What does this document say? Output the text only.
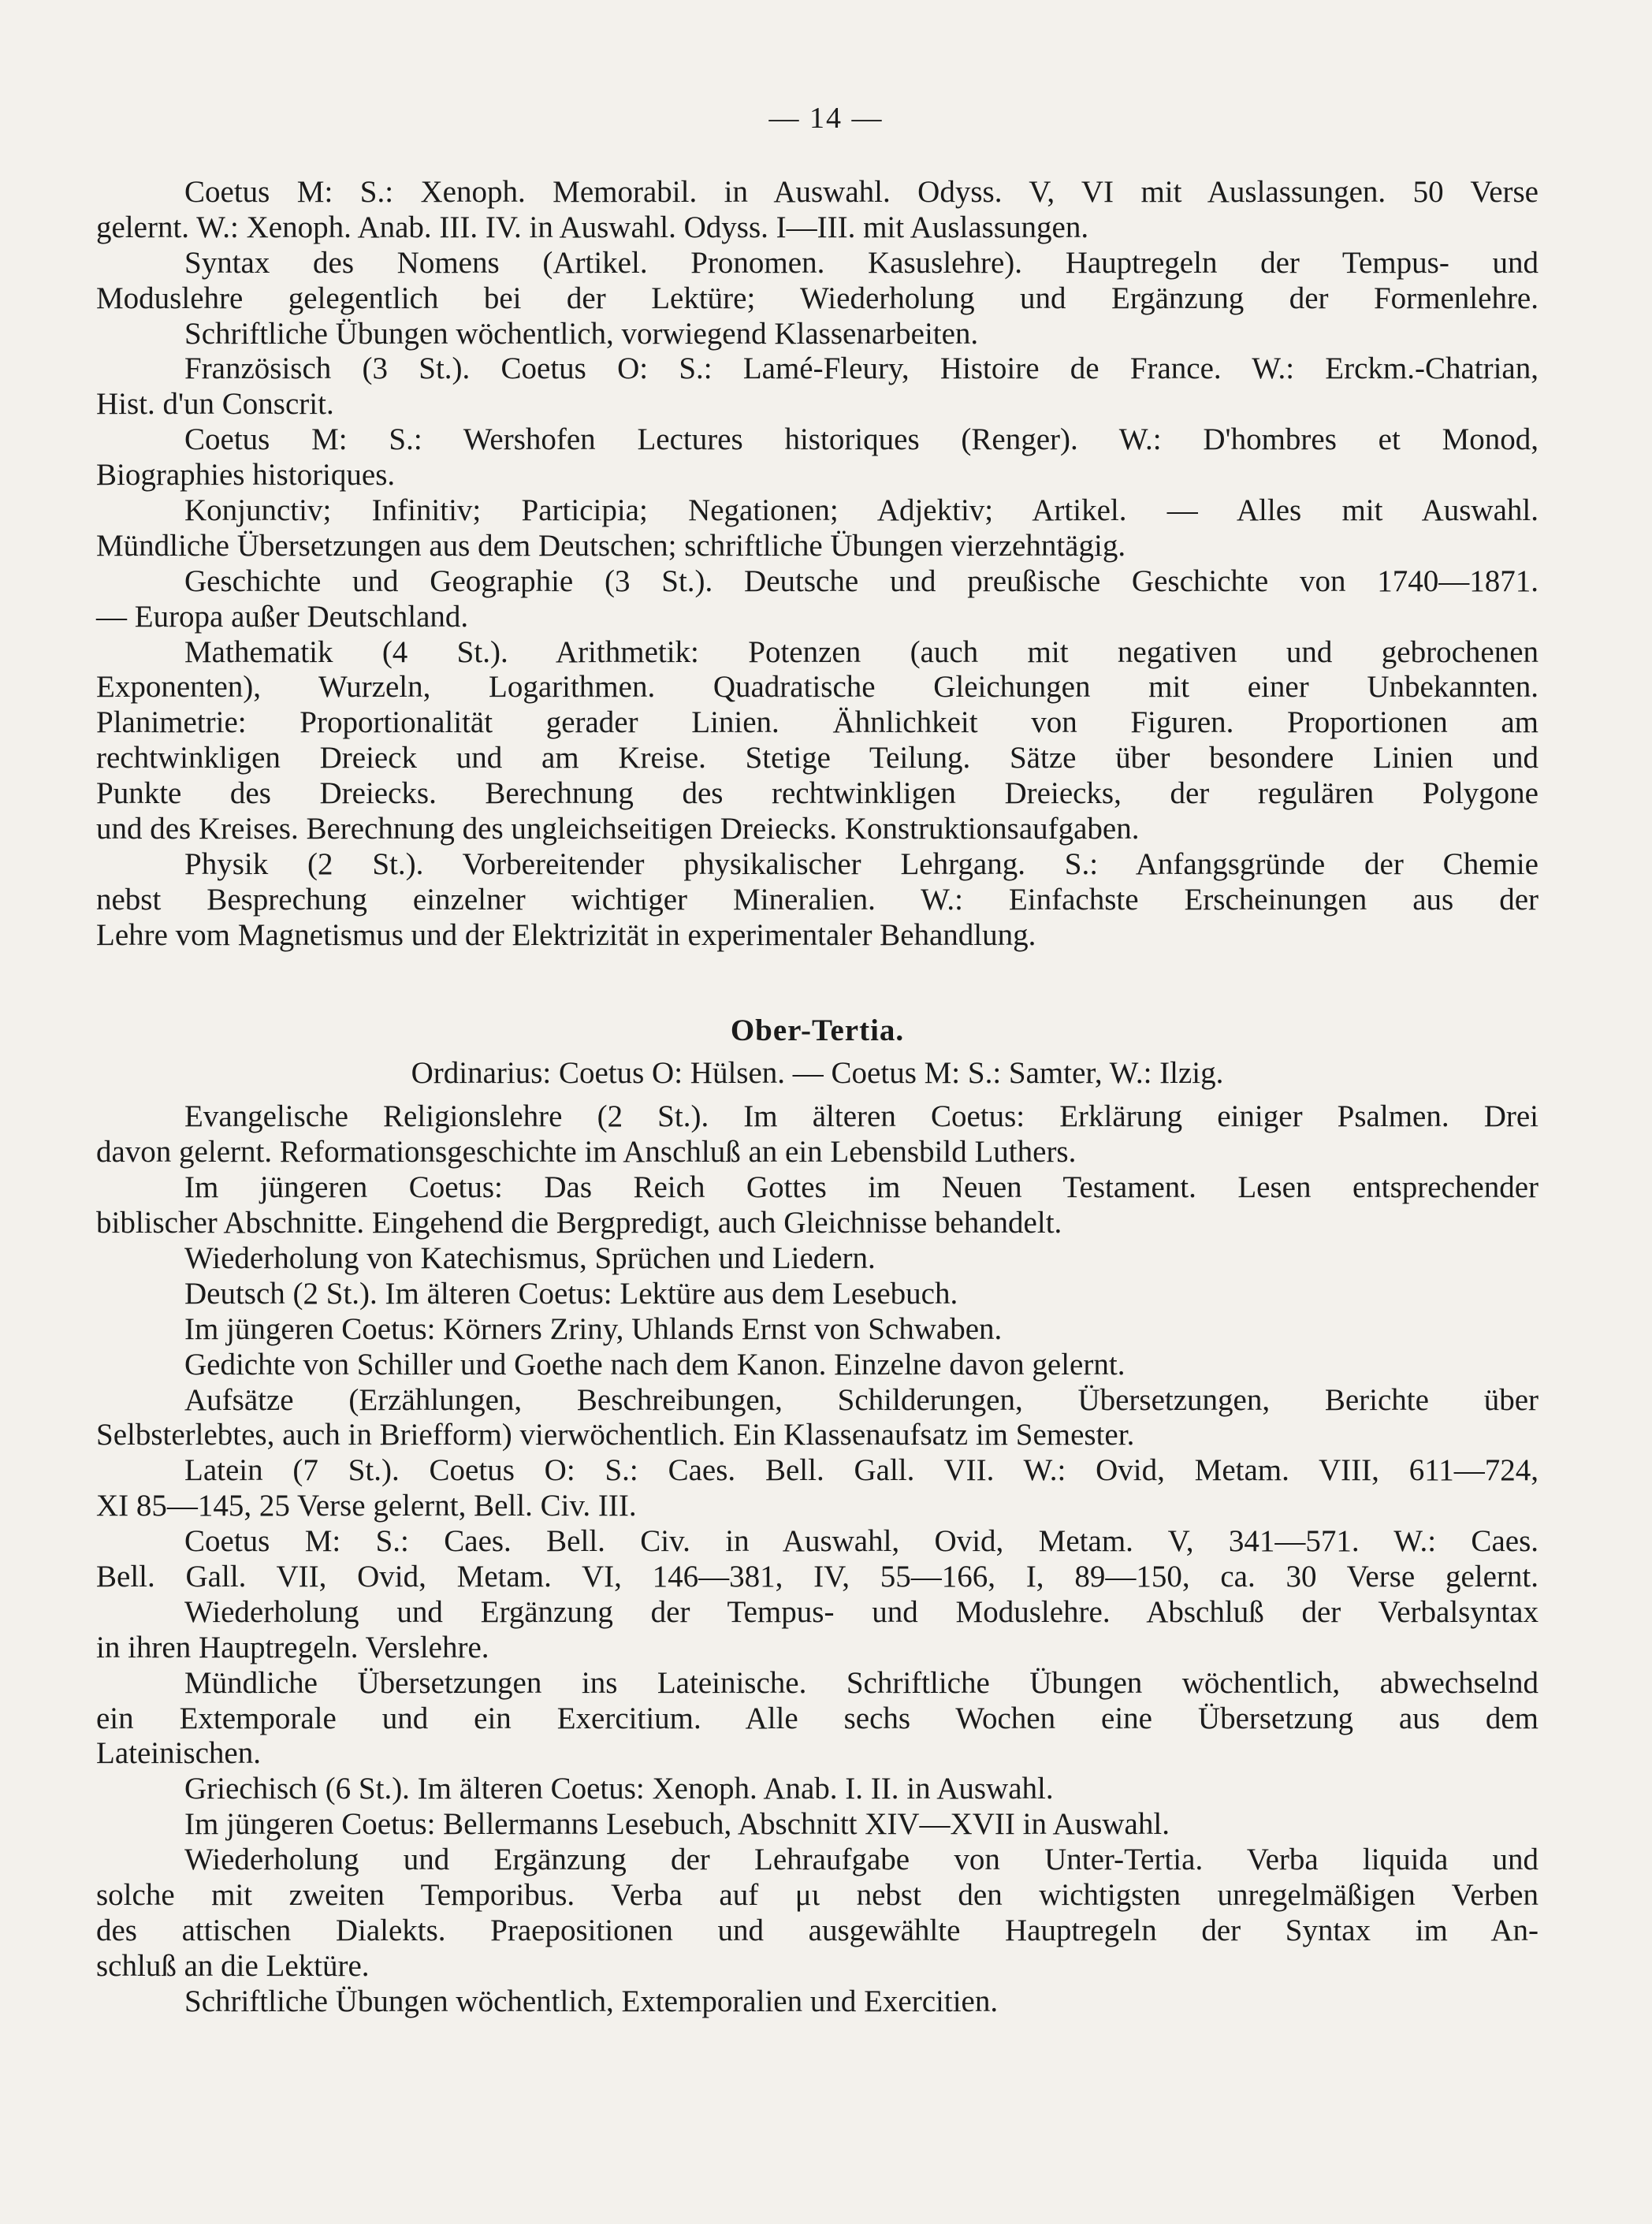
— 14 —
Coetus M: S.: Xenoph. Memorabil. in Auswahl. Odyss. V, VI mit Auslassungen. 50 Verse
gelernt. W.: Xenoph. Anab. III. IV. in Auswahl. Odyss. I—III. mit Auslassungen.
Syntax des Nomens (Artikel. Pronomen. Kasuslehre). Hauptregeln der Tempus- und
Moduslehre gelegentlich bei der Lektüre; Wiederholung und Ergänzung der Formenlehre.
Schriftliche Übungen wöchentlich, vorwiegend Klassenarbeiten.
Französisch (3 St.). Coetus O: S.: Lamé-Fleury, Histoire de France. W.: Erckm.-Chatrian,
Hist. d'un Conscrit.
Coetus M: S.: Wershofen Lectures historiques (Renger). W.: D'hombres et Monod,
Biographies historiques.
Konjunctiv; Infinitiv; Participia; Negationen; Adjektiv; Artikel. — Alles mit Auswahl.
Mündliche Übersetzungen aus dem Deutschen; schriftliche Übungen vierzehntägig.
Geschichte und Geographie (3 St.). Deutsche und preußische Geschichte von 1740—1871.
— Europa außer Deutschland.
Mathematik (4 St.). Arithmetik: Potenzen (auch mit negativen und gebrochenen
Exponenten), Wurzeln, Logarithmen. Quadratische Gleichungen mit einer Unbekannten.
Planimetrie: Proportionalität gerader Linien. Ähnlichkeit von Figuren. Proportionen am
rechtwinkligen Dreieck und am Kreise. Stetige Teilung. Sätze über besondere Linien und
Punkte des Dreiecks. Berechnung des rechtwinkligen Dreiecks, der regulären Polygone
und des Kreises. Berechnung des ungleichseitigen Dreiecks. Konstruktionsaufgaben.
Physik (2 St.). Vorbereitender physikalischer Lehrgang. S.: Anfangsgründe der Chemie
nebst Besprechung einzelner wichtiger Mineralien. W.: Einfachste Erscheinungen aus der
Lehre vom Magnetismus und der Elektrizität in experimentaler Behandlung.
Ober-Tertia.
Ordinarius: Coetus O: Hülsen. — Coetus M: S.: Samter, W.: Ilzig.
Evangelische Religionslehre (2 St.). Im älteren Coetus: Erklärung einiger Psalmen. Drei
davon gelernt. Reformationsgeschichte im Anschluß an ein Lebensbild Luthers.
Im jüngeren Coetus: Das Reich Gottes im Neuen Testament. Lesen entsprechender
biblischer Abschnitte. Eingehend die Bergpredigt, auch Gleichnisse behandelt.
Wiederholung von Katechismus, Sprüchen und Liedern.
Deutsch (2 St.). Im älteren Coetus: Lektüre aus dem Lesebuch.
Im jüngeren Coetus: Körners Zriny, Uhlands Ernst von Schwaben.
Gedichte von Schiller und Goethe nach dem Kanon. Einzelne davon gelernt.
Aufsätze (Erzählungen, Beschreibungen, Schilderungen, Übersetzungen, Berichte über
Selbsterlebtes, auch in Briefform) vierwöchentlich. Ein Klassenaufsatz im Semester.
Latein (7 St.). Coetus O: S.: Caes. Bell. Gall. VII. W.: Ovid, Metam. VIII, 611—724,
XI 85—145, 25 Verse gelernt, Bell. Civ. III.
Coetus M: S.: Caes. Bell. Civ. in Auswahl, Ovid, Metam. V, 341—571. W.: Caes.
Bell. Gall. VII, Ovid, Metam. VI, 146—381, IV, 55—166, I, 89—150, ca. 30 Verse gelernt.
Wiederholung und Ergänzung der Tempus- und Moduslehre. Abschluß der Verbalsyntax
in ihren Hauptregeln. Verslehre.
Mündliche Übersetzungen ins Lateinische. Schriftliche Übungen wöchentlich, abwechselnd
ein Extemporale und ein Exercitium. Alle sechs Wochen eine Übersetzung aus dem
Lateinischen.
Griechisch (6 St.). Im älteren Coetus: Xenoph. Anab. I. II. in Auswahl.
Im jüngeren Coetus: Bellermanns Lesebuch, Abschnitt XIV—XVII in Auswahl.
Wiederholung und Ergänzung der Lehraufgabe von Unter-Tertia. Verba liquida und
solche mit zweiten Temporibus. Verba auf μι nebst den wichtigsten unregelmäßigen Verben
des attischen Dialekts. Praepositionen und ausgewählte Hauptregeln der Syntax im An-
schluß an die Lektüre.
Schriftliche Übungen wöchentlich, Extemporalien und Exercitien.
